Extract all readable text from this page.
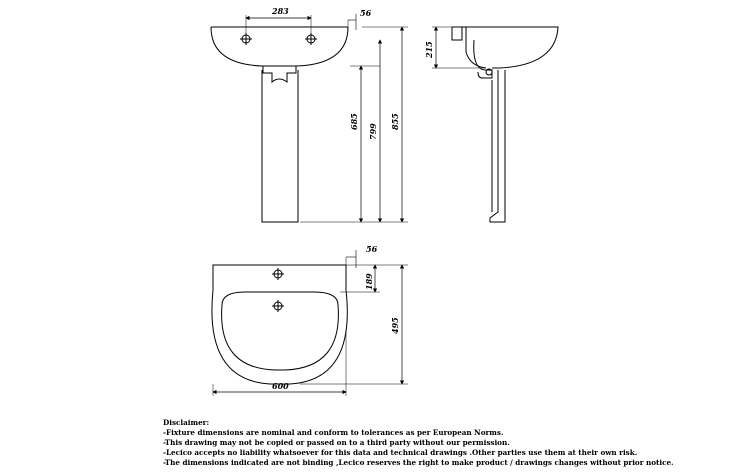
283	56
685
799
855
215
56
189
495
600
Disclaimer:
-Fixture dimensions are nominal and conform to tolerances as per European Norms.
-This drawing may not be copied or passed on to a third party without our permission.
-Lecico accepts no liability whatsoever for this data and technical drawings .Other parties use them at their own risk.
-The dimensions indicated are not binding ,Lecico reserves the right to make product / drawings changes without prior notice.
